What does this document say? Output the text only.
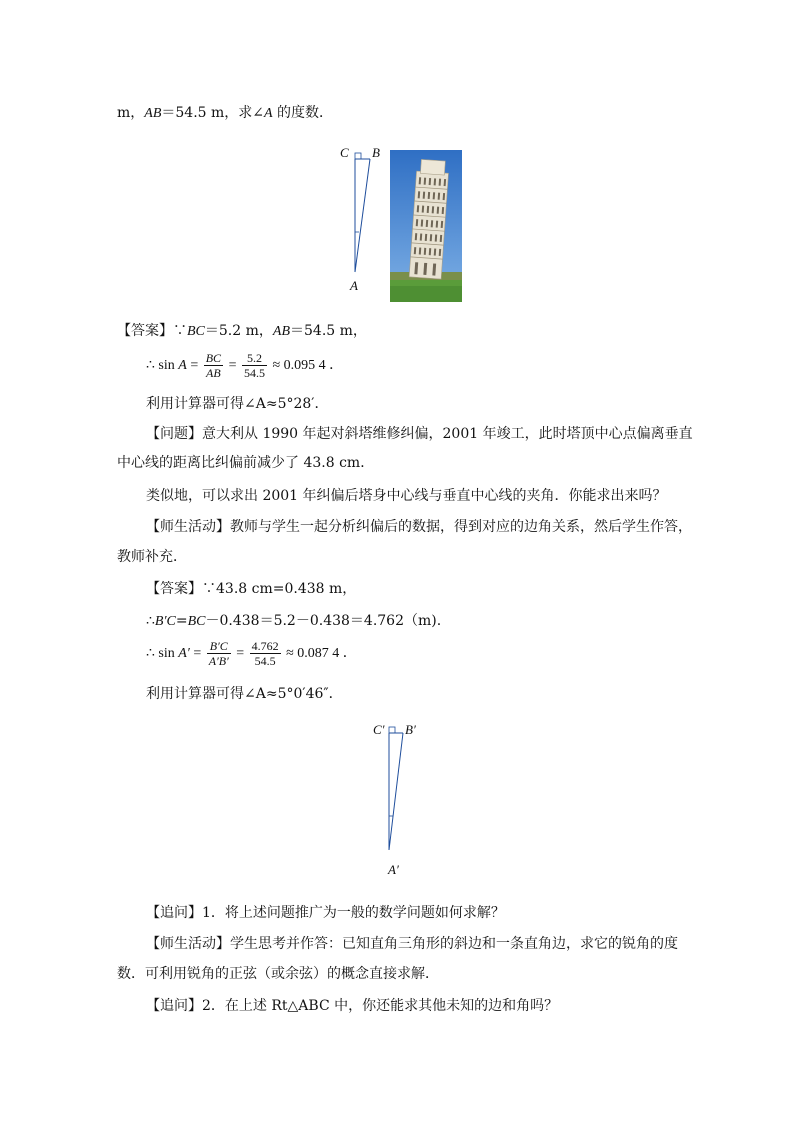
m，AB＝54.5 m，求∠A 的度数．
C B
A
【答案】∵BC＝5.2 m，AB＝54.5 m，
∴ $\sin A = \frac{BC}{AB} = \frac{5.2}{54.5} \approx 0.095$ 4 ．
利用计算器可得∠A≈5°28′．
【问题】意大利从 1990 年起对斜塔维修纠偏，2001 年竣工，此时塔顶中心点偏离垂直
中心线的距离比纠偏前减少了 43.8 cm．
类似地，可以求出 2001 年纠偏后塔身中心线与垂直中心线的夹角．你能求出来吗？
【师生活动】教师与学生一起分析纠偏后的数据，得到对应的边角关系，然后学生作答，
教师补充．
【答案】∵43.8 cm=0.438 m，
∴B′C=BC－0.438＝5.2－0.438＝4.762（m).
∴ $\sin A' = \frac{B'C}{A'B'} = \frac{4.762}{54.5} \approx 0.087$ 4 ．
利用计算器可得∠A≈5°0′46″．
C′ B′
A′
【追问】1．将上述问题推广为一般的数学问题如何求解？
【师生活动】学生思考并作答：已知直角三角形的斜边和一条直角边，求它的锐角的度
数．可利用锐角的正弦（或余弦）的概念直接求解．
【追问】2．在上述 Rt△ABC 中，你还能求其他未知的边和角吗？
